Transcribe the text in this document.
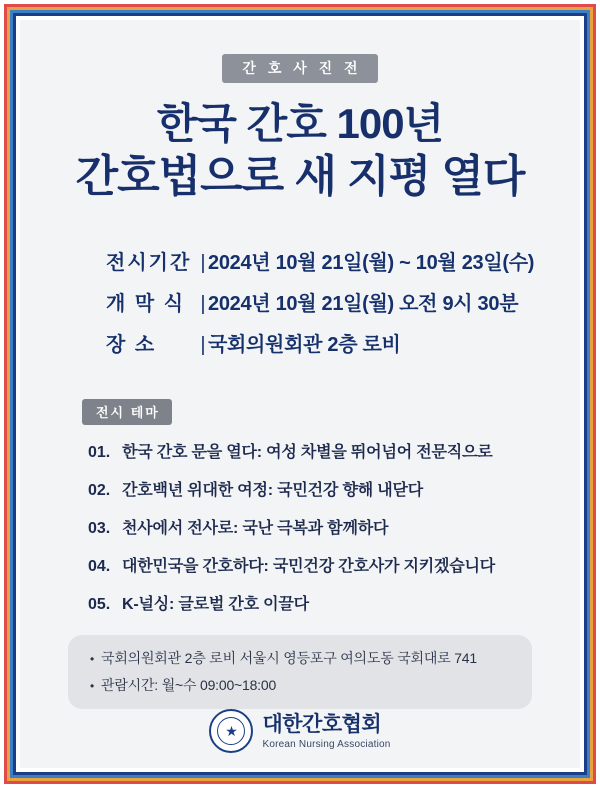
간 호 사 진 전
한국 간호 100년
간호법으로 새 지평 열다
전시기간 | 2024년 10월 21일(월) ~ 10월 23일(수)
개 막 식 | 2024년 10월 21일(월) 오전 9시 30분
장 소	| 국회의원회관 2층 로비
전시 테마
01. 한국 간호 문을 열다: 여성 차별을 뛰어넘어 전문직으로
02. 간호백년 위대한 여정: 국민건강 향해 내닫다
03. 천사에서 전사로: 국난 극복과 함께하다
04. 대한민국을 간호하다: 국민건강 간호사가 지키겠습니다
05. K-널싱: 글로벌 간호 이끌다
• 국회의원회관 2층 로비 서울시 영등포구 여의도동 국회대로 741
• 관람시간: 월~수 09:00~18:00
★ 대한간호협회
Korean Nursing Association
